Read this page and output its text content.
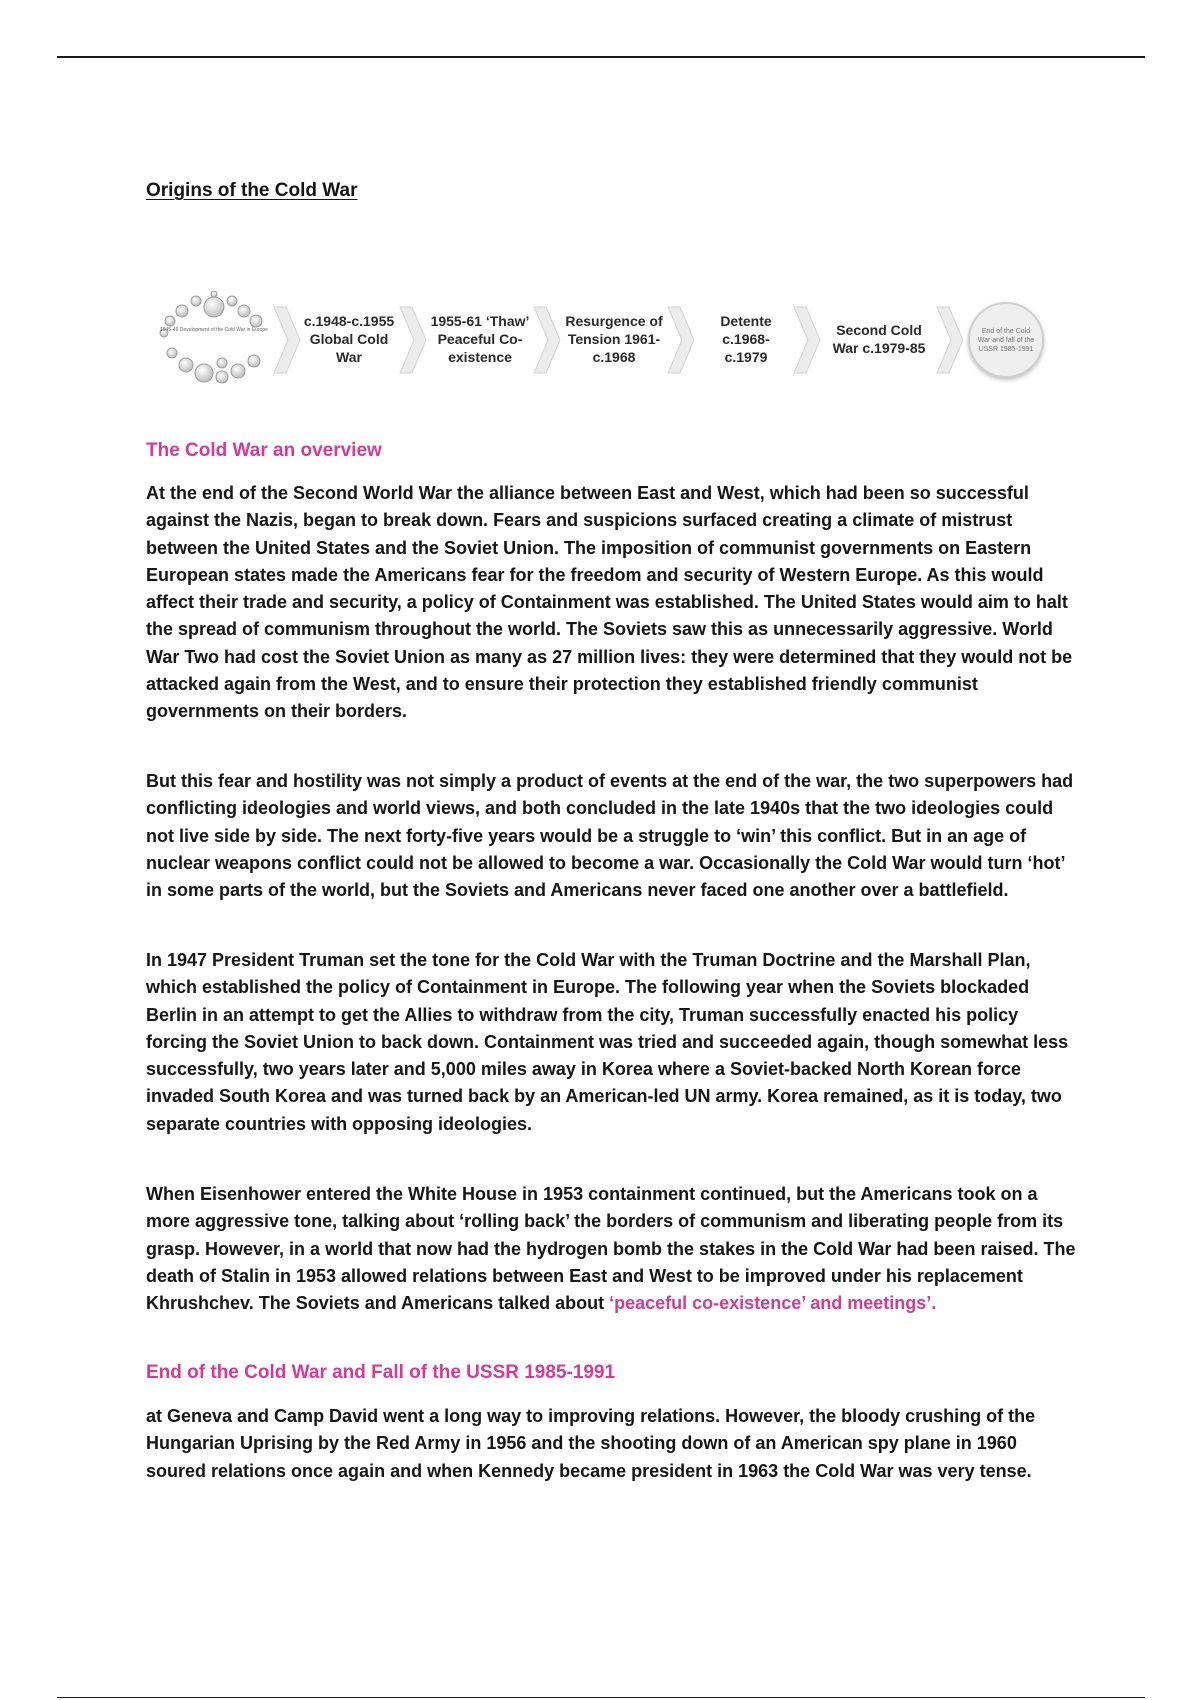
Origins of the Cold War
1945-49 Development of the Cold War in Europe
c.1948-c.1955 Global Cold War
1955-61 ‘Thaw’ Peaceful Co-existence
Resurgence of Tension 1961-c.1968
Detente c.1968-c.1979
Second Cold War c.1979-85
End of the Cold War and fall of the USSR 1985-1991
The Cold War an overview

At the end of the Second World War the alliance between East and West, which had been so successful against the Nazis, began to break down. Fears and suspicions surfaced creating a climate of mistrust between the United States and the Soviet Union. The imposition of communist governments on Eastern European states made the Americans fear for the freedom and security of Western Europe. As this would affect their trade and security, a policy of Containment was established. The United States would aim to halt the spread of communism throughout the world. The Soviets saw this as unnecessarily aggressive. World War Two had cost the Soviet Union as many as 27 million lives: they were determined that they would not be attacked again from the West, and to ensure their protection they established friendly communist governments on their borders.

But this fear and hostility was not simply a product of events at the end of the war, the two superpowers had conflicting ideologies and world views, and both concluded in the late 1940s that the two ideologies could not live side by side. The next forty-five years would be a struggle to ‘win’ this conflict. But in an age of nuclear weapons conflict could not be allowed to become a war. Occasionally the Cold War would turn ‘hot’ in some parts of the world, but the Soviets and Americans never faced one another over a battlefield.

In 1947 President Truman set the tone for the Cold War with the Truman Doctrine and the Marshall Plan, which established the policy of Containment in Europe. The following year when the Soviets blockaded Berlin in an attempt to get the Allies to withdraw from the city, Truman successfully enacted his policy forcing the Soviet Union to back down. Containment was tried and succeeded again, though somewhat less successfully, two years later and 5,000 miles away in Korea where a Soviet-backed North Korean force invaded South Korea and was turned back by an American-led UN army. Korea remained, as it is today, two separate countries with opposing ideologies.

When Eisenhower entered the White House in 1953 containment continued, but the Americans took on a more aggressive tone, talking about ‘rolling back’ the borders of communism and liberating people from its grasp. However, in a world that now had the hydrogen bomb the stakes in the Cold War had been raised. The death of Stalin in 1953 allowed relations between East and West to be improved under his replacement Khrushchev. The Soviets and Americans talked about ‘peaceful co-existence’ and meetings’.

End of the Cold War and Fall of the USSR 1985-1991

at Geneva and Camp David went a long way to improving relations. However, the bloody crushing of the Hungarian Uprising by the Red Army in 1956 and the shooting down of an American spy plane in 1960 soured relations once again and when Kennedy became president in 1963 the Cold War was very tense.
